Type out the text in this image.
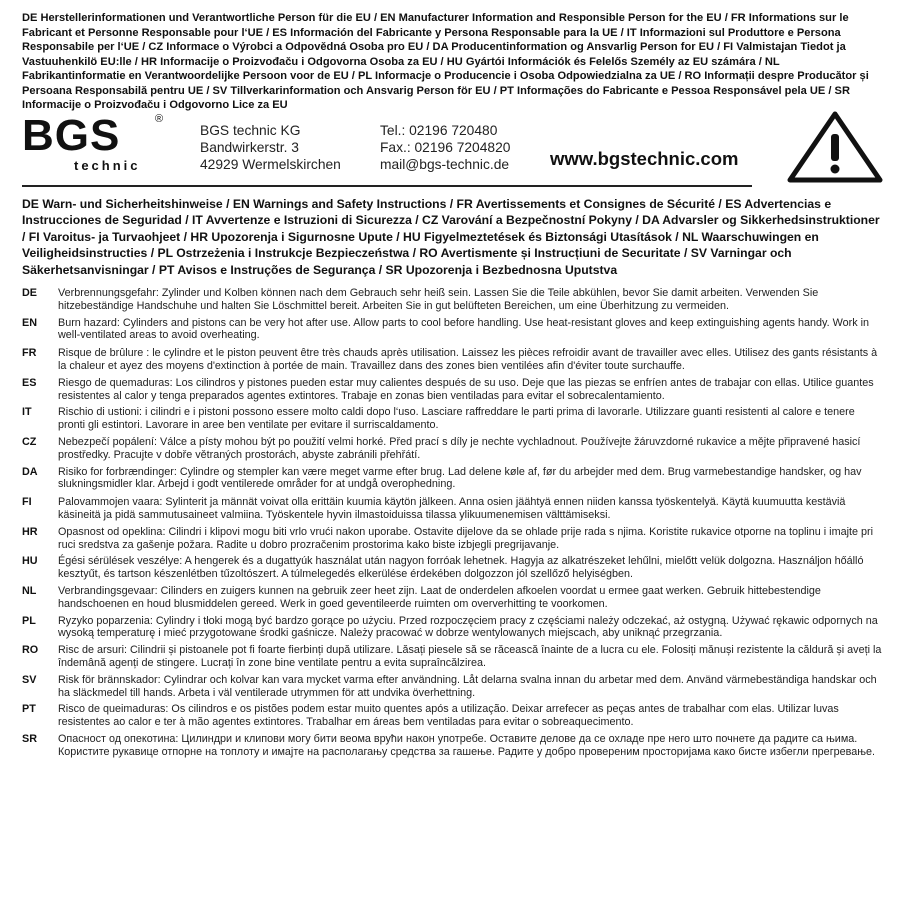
DE Herstellerinformationen und Verantwortliche Person für die EU / EN Manufacturer Information and Responsible Person for the EU / FR Informations sur le Fabricant et Personne Responsable pour l‘UE / ES Información del Fabricante y Persona Responsable para la UE / IT Informazioni sul Produttore e Persona Responsabile per l‘UE / CZ Informace o Výrobci a Odpovědná Osoba pro EU / DA Producentinformation og Ansvarlig Person for EU / FI Valmistajan Tiedot ja Vastuuhenkilö EU:lle / HR Informacije o Proizvođaču i Odgovorna Osoba za EU / HU Gyártói Információk és Felelős Személy az EU számára / NL Fabrikantinformatie en Verantwoordelijke Persoon voor de EU / PL Informacje o Producencie i Osoba Odpowiedzialna za UE / RO Informații despre Producător și Persoana Responsabilă pentru UE / SV Tillverkarinformation och Ansvarig Person för EU / PT Informações do Fabricante e Pessoa Responsável pela UE / SR Informacije o Proizvođaču i Odgovorno Lice za EU
BGS	®
technic
BGS technic KG
Bandwirkerstr. 3
42929 Wermelskirchen
Tel.: 02196 720480
Fax.: 02196 7204820
mail@bgs-technic.de www.bgstechnic.com
DE Warn- und Sicherheitshinweise / EN Warnings and Safety Instructions / FR Avertissements et Consignes de Sécurité / ES Advertencias e Instrucciones de Seguridad / IT Avvertenze e Istruzioni di Sicurezza / CZ Varování a Bezpečnostní Pokyny / DA Advarsler og Sikkerhedsinstruktioner / FI Varoitus- ja Turvaohjeet / HR Upozorenja i Sigurnosne Upute / HU Figyelmeztetések és Biztonsági Utasítások / NL Waarschuwingen en Veiligheidsinstructies / PL Ostrzeżenia i Instrukcje Bezpieczeństwa / RO Avertismente și Instrucțiuni de Securitate / SV Varningar och Säkerhetsanvisningar / PT Avisos e Instruções de Segurança / SR Upozorenja i Bezbednosna Uputstva
DE	Verbrennungsgefahr: Zylinder und Kolben können nach dem Gebrauch sehr heiß sein. Lassen Sie die Teile abkühlen, bevor Sie damit arbeiten. Verwenden Sie hitzebeständige Handschuhe und halten Sie Löschmittel bereit. Arbeiten Sie in gut belüfteten Bereichen, um eine Überhitzung zu vermeiden.
EN	Burn hazard: Cylinders and pistons can be very hot after use. Allow parts to cool before handling. Use heat-resistant gloves and keep extinguishing agents handy. Work in well-ventilated areas to avoid overheating.
FR	Risque de brûlure : le cylindre et le piston peuvent être très chauds après utilisation. Laissez les pièces refroidir avant de travailler avec elles. Utilisez des gants résistants à la chaleur et ayez des moyens d'extinction à portée de main. Travaillez dans des zones bien ventilées afin d'éviter toute surchauffe.
ES	Riesgo de quemaduras: Los cilindros y pistones pueden estar muy calientes después de su uso. Deje que las piezas se enfríen antes de trabajar con ellas. Utilice guantes resistentes al calor y tenga preparados agentes extintores. Trabaje en zonas bien ventiladas para evitar el sobrecalentamiento.
IT	Rischio di ustioni: i cilindri e i pistoni possono essere molto caldi dopo l‘uso. Lasciare raffreddare le parti prima di lavorarle. Utilizzare guanti resistenti al calore e tenere pronti gli estintori. Lavorare in aree ben ventilate per evitare il surriscaldamento.
CZ	Nebezpečí popálení: Válce a písty mohou být po použití velmi horké. Před prací s díly je nechte vychladnout. Používejte žáruvzdorné rukavice a mějte připravené hasicí prostředky. Pracujte v dobře větraných prostorách, abyste zabránili přehřátí.
DA	Risiko for forbrændinger: Cylindre og stempler kan være meget varme efter brug. Lad delene køle af, før du arbejder med dem. Brug varmebestandige handsker, og hav slukningsmidler klar. Arbejd i godt ventilerede områder for at undgå overophedning.
FI	Palovammojen vaara: Sylinterit ja männät voivat olla erittäin kuumia käytön jälkeen. Anna osien jäähtyä ennen niiden kanssa työskentelyä. Käytä kuumuutta kestäviä käsineitä ja pidä sammutusaineet valmiina. Työskentele hyvin ilmastoiduissa tilassa ylikuumenemisen välttämiseksi.
HR	Opasnost od opeklina: Cilindri i klipovi mogu biti vrlo vrući nakon uporabe. Ostavite dijelove da se ohlade prije rada s njima. Koristite rukavice otporne na toplinu i imajte pri ruci sredstva za gašenje požara. Radite u dobro prozračenim prostorima kako biste izbjegli pregrijavanje.
HU	Égési sérülések veszélye: A hengerek és a dugattyúk használat után nagyon forróak lehetnek. Hagyja az alkatrészeket lehűlni, mielőtt velük dolgozna. Használjon hőálló kesztyűt, és tartson készenlétben tűzoltószert. A túlmelegedés elkerülése érdekében dolgozzon jól szellőző helyiségben.
NL	Verbrandingsgevaar: Cilinders en zuigers kunnen na gebruik zeer heet zijn. Laat de onderdelen afkoelen voordat u ermee gaat werken. Gebruik hittebestendige handschoenen en houd blusmiddelen gereed. Werk in goed geventileerde ruimten om oververhitting te voorkomen.
PL	Ryzyko poparzenia: Cylindry i tłoki mogą być bardzo gorące po użyciu. Przed rozpoczęciem pracy z częściami należy odczekać, aż ostygną. Używać rękawic odpornych na wysoką temperaturę i mieć przygotowane środki gaśnicze. Należy pracować w dobrze wentylowanych miejscach, aby uniknąć przegrzania.
RO	Risc de arsuri: Cilindrii și pistoanele pot fi foarte fierbinți după utilizare. Lăsați piesele să se răcească înainte de a lucra cu ele. Folosiți mănuși rezistente la căldură și aveți la îndemână agenți de stingere. Lucrați în zone bine ventilate pentru a evita supraîncălzirea.
SV	Risk för brännskador: Cylindrar och kolvar kan vara mycket varma efter användning. Låt delarna svalna innan du arbetar med dem. Använd värmebeständiga handskar och ha släckmedel till hands. Arbeta i väl ventilerade utrymmen för att undvika överhettning.
PT	Risco de queimaduras: Os cilindros e os pistões podem estar muito quentes após a utilização. Deixar arrefecer as peças antes de trabalhar com elas. Utilizar luvas resistentes ao calor e ter à mão agentes extintores. Trabalhar em áreas bem ventiladas para evitar o sobreaquecimento.
SR	Опасност од опекотина: Цилиндри и клипови могу бити веома врући након употребе. Оставите делове да се охладе пре него што почнете да радите са њима. Користите рукавице отпорне на топлоту и имајте на располагању средства за гашење. Радите у добро провереним просторијама како бисте избегли прегревање.
